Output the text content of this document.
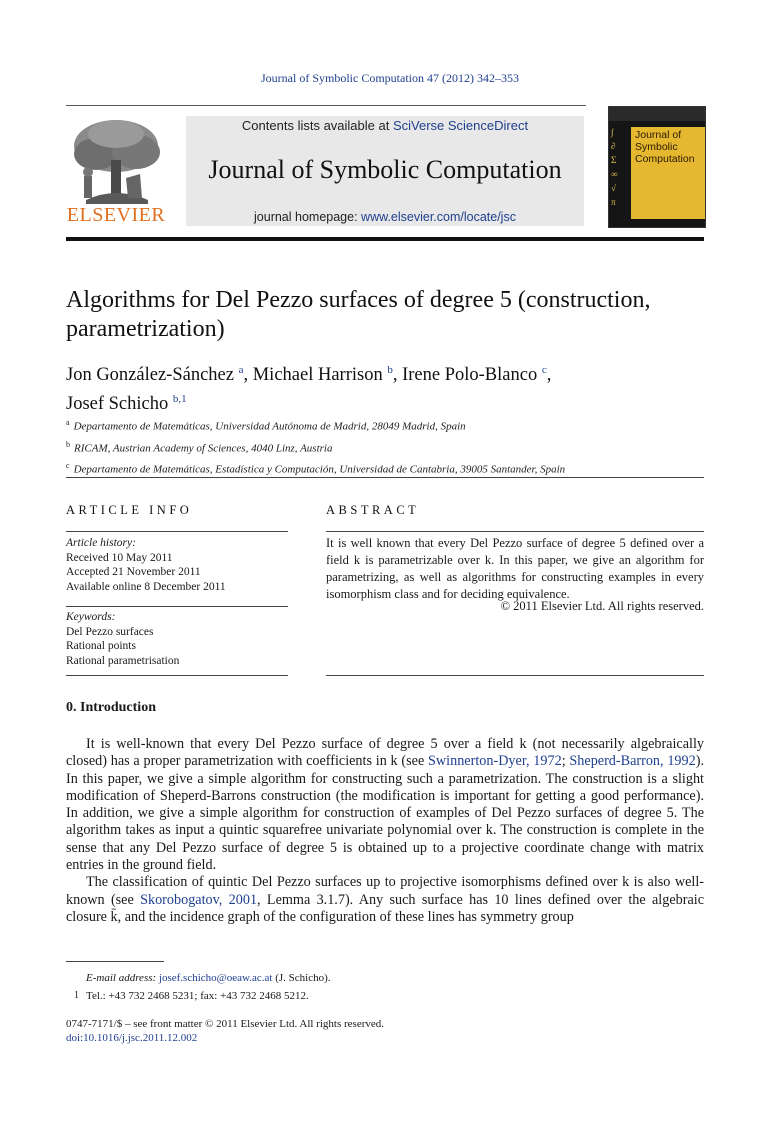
Journal of Symbolic Computation 47 (2012) 342–353
ELSEVIER
Contents lists available at SciVerse ScienceDirect
Journal of Symbolic Computation
journal homepage: www.elsevier.com/locate/jsc
∫
∂
Σ
∞
√
π
Journal of
Symbolic
Computation
Algorithms for Del Pezzo surfaces of degree 5 (construction, parametrization)
Jon González-Sánchez $^a$, Michael Harrison $^b$, Irene Polo-Blanco $^c$,
Josef Schicho $^{b,1}$
$^a$ Departamento de Matemáticas, Universidad Autónoma de Madrid, 28049 Madrid, Spain
$^b$ RICAM, Austrian Academy of Sciences, 4040 Linz, Austria
$^c$ Departamento de Matemáticas, Estadística y Computación, Universidad de Cantabria, 39005 Santander, Spain
ARTICLE INFO
Article history:
Received 10 May 2011
Accepted 21 November 2011
Available online 8 December 2011
Keywords:
Del Pezzo surfaces
Rational points
Rational parametrisation
ABSTRACT
It is well known that every Del Pezzo surface of degree 5 defined over a field k is parametrizable over k. In this paper, we give an algorithm for parametrizing, as well as algorithms for constructing examples in every isomorphism class and for deciding equivalence.
© 2011 Elsevier Ltd. All rights reserved.
0. Introduction

It is well-known that every Del Pezzo surface of degree 5 over a field k (not necessarily algebraically closed) has a proper parametrization with coefficients in k (see Swinnerton-Dyer, 1972; Sheperd-Barron, 1992). In this paper, we give a simple algorithm for constructing such a parametrization. The construction is a slight modification of Sheperd-Barrons construction (the modification is important for getting a good performance). In addition, we give a simple algorithm for construction of examples of Del Pezzo surfaces of degree 5. The algorithm takes as input a quintic squarefree univariate polynomial over k. The construction is complete in the sense that any Del Pezzo surface of degree 5 is obtained up to a projective coordinate change with matrix entries in the ground field.

The classification of quintic Del Pezzo surfaces up to projective isomorphisms defined over k is also well-known (see Skorobogatov, 2001, Lemma 3.1.7). Any such surface has 10 lines defined over the algebraic closure k̄, and the incidence graph of the configuration of these lines has symmetry group

E-mail address: josef.schicho@oeaw.ac.at (J. Schicho).
1 Tel.: +43 732 2468 5231; fax: +43 732 2468 5212.
0747-7171/$ – see front matter © 2011 Elsevier Ltd. All rights reserved.
doi:10.1016/j.jsc.2011.12.002
